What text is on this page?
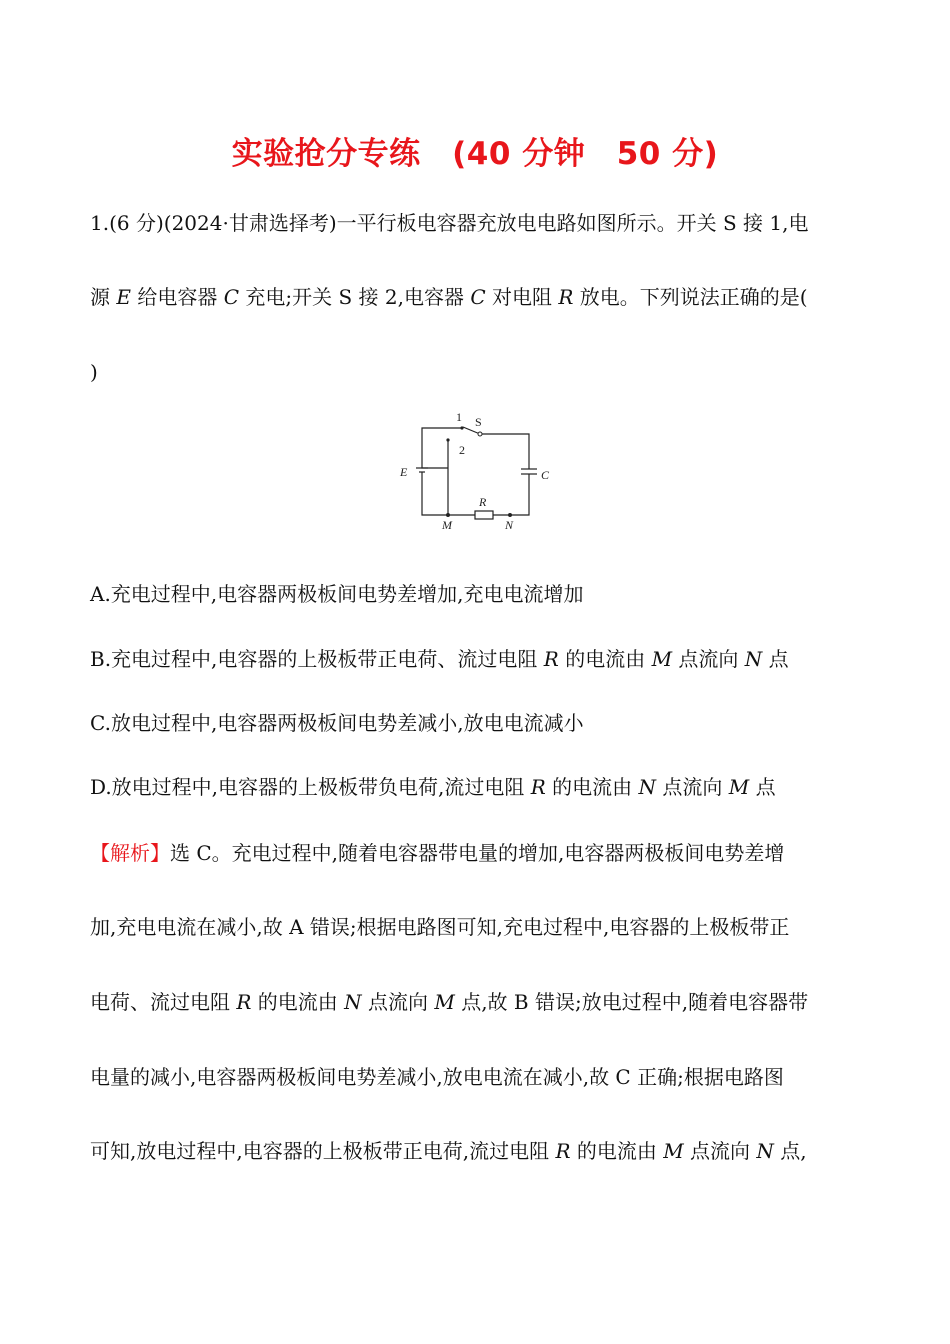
实验抢分专练　(40 分钟　50 分)
1.(6 分)(2024·甘肃选择考)一平行板电容器充放电电路如图所示。开关 S 接 1,电
源 E 给电容器 C 充电;开关 S 接 2,电容器 C 对电阻 R 放电。下列说法正确的是(
)
1 S
2
E	C
R
M	N
A.充电过程中,电容器两极板间电势差增加,充电电流增加
B.充电过程中,电容器的上极板带正电荷、流过电阻 R 的电流由 M 点流向 N 点
C.放电过程中,电容器两极板间电势差减小,放电电流减小
D.放电过程中,电容器的上极板带负电荷,流过电阻 R 的电流由 N 点流向 M 点
【解析】选 C。充电过程中,随着电容器带电量的增加,电容器两极板间电势差增
加,充电电流在减小,故 A 错误;根据电路图可知,充电过程中,电容器的上极板带正
电荷、流过电阻 R 的电流由 N 点流向 M 点,故 B 错误;放电过程中,随着电容器带
电量的减小,电容器两极板间电势差减小,放电电流在减小,故 C 正确;根据电路图
可知,放电过程中,电容器的上极板带正电荷,流过电阻 R 的电流由 M 点流向 N 点,
